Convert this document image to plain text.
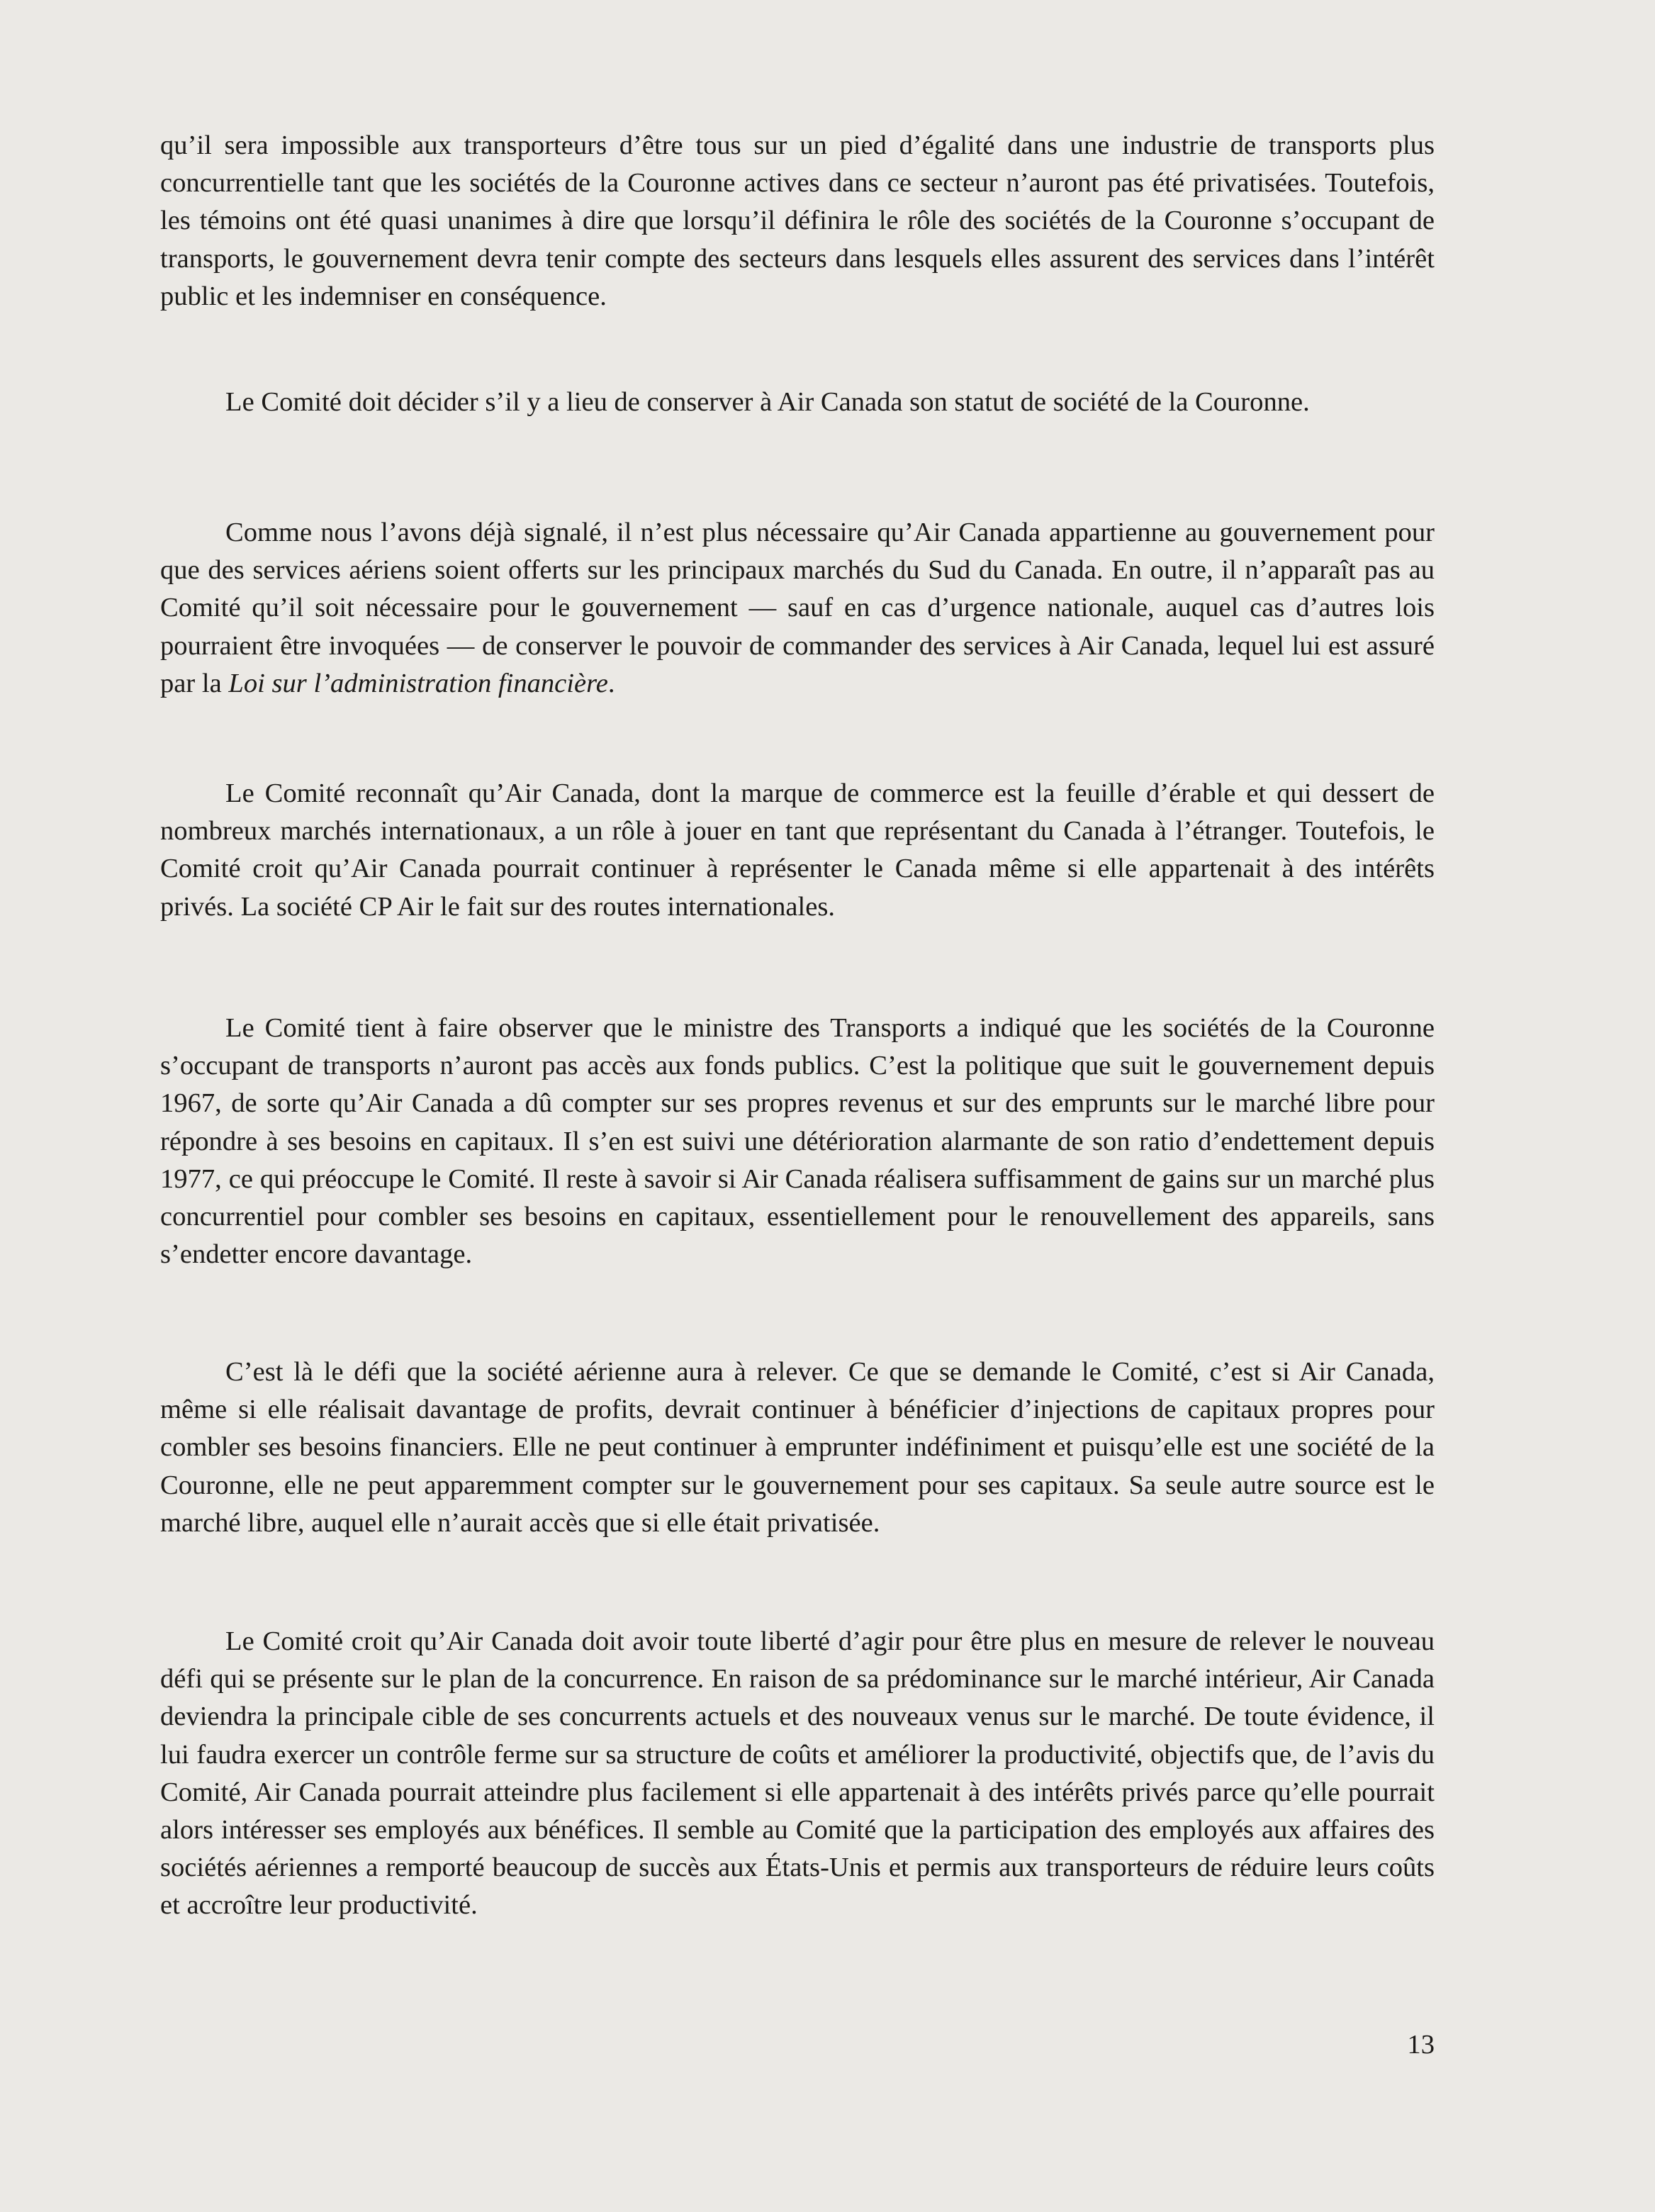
qu’il sera impossible aux transporteurs d’être tous sur un pied d’égalité dans une industrie de transports plus concurrentielle tant que les sociétés de la Couronne actives dans ce secteur n’auront pas été privatisées. Toutefois, les témoins ont été quasi unanimes à dire que lorsqu’il définira le rôle des sociétés de la Couronne s’occupant de transports, le gouvernement devra tenir compte des secteurs dans lesquels elles assurent des services dans l’intérêt public et les indemniser en conséquence.

Le Comité doit décider s’il y a lieu de conserver à Air Canada son statut de société de la Couronne.

Comme nous l’avons déjà signalé, il n’est plus nécessaire qu’Air Canada appartienne au gouvernement pour que des services aériens soient offerts sur les principaux marchés du Sud du Canada. En outre, il n’apparaît pas au Comité qu’il soit nécessaire pour le gouvernement — sauf en cas d’urgence nationale, auquel cas d’autres lois pourraient être invoquées — de conserver le pouvoir de commander des services à Air Canada, lequel lui est assuré par la Loi sur l’administration financière.

Le Comité reconnaît qu’Air Canada, dont la marque de commerce est la feuille d’érable et qui dessert de nombreux marchés internationaux, a un rôle à jouer en tant que représentant du Canada à l’étranger. Toutefois, le Comité croit qu’Air Canada pourrait continuer à représenter le Canada même si elle appartenait à des intérêts privés. La société CP Air le fait sur des routes internationales.

Le Comité tient à faire observer que le ministre des Transports a indiqué que les sociétés de la Couronne s’occupant de transports n’auront pas accès aux fonds publics. C’est la politique que suit le gouvernement depuis 1967, de sorte qu’Air Canada a dû compter sur ses propres revenus et sur des emprunts sur le marché libre pour répondre à ses besoins en capitaux. Il s’en est suivi une détérioration alarmante de son ratio d’endettement depuis 1977, ce qui préoccupe le Comité. Il reste à savoir si Air Canada réalisera suffisamment de gains sur un marché plus concurrentiel pour combler ses besoins en capitaux, essentiellement pour le renouvellement des appareils, sans s’endetter encore davantage.

C’est là le défi que la société aérienne aura à relever. Ce que se demande le Comité, c’est si Air Canada, même si elle réalisait davantage de profits, devrait continuer à bénéficier d’injections de capitaux propres pour combler ses besoins financiers. Elle ne peut continuer à emprunter indéfiniment et puisqu’elle est une société de la Couronne, elle ne peut apparemment compter sur le gouvernement pour ses capitaux. Sa seule autre source est le marché libre, auquel elle n’aurait accès que si elle était privatisée.

Le Comité croit qu’Air Canada doit avoir toute liberté d’agir pour être plus en mesure de relever le nouveau défi qui se présente sur le plan de la concurrence. En raison de sa prédominance sur le marché intérieur, Air Canada deviendra la principale cible de ses concurrents actuels et des nouveaux venus sur le marché. De toute évidence, il lui faudra exercer un contrôle ferme sur sa structure de coûts et améliorer la productivité, objectifs que, de l’avis du Comité, Air Canada pourrait atteindre plus facilement si elle appartenait à des intérêts privés parce qu’elle pourrait alors intéresser ses employés aux bénéfices. Il semble au Comité que la participation des employés aux affaires des sociétés aériennes a remporté beaucoup de succès aux États-Unis et permis aux transporteurs de réduire leurs coûts et accroître leur productivité.

13
